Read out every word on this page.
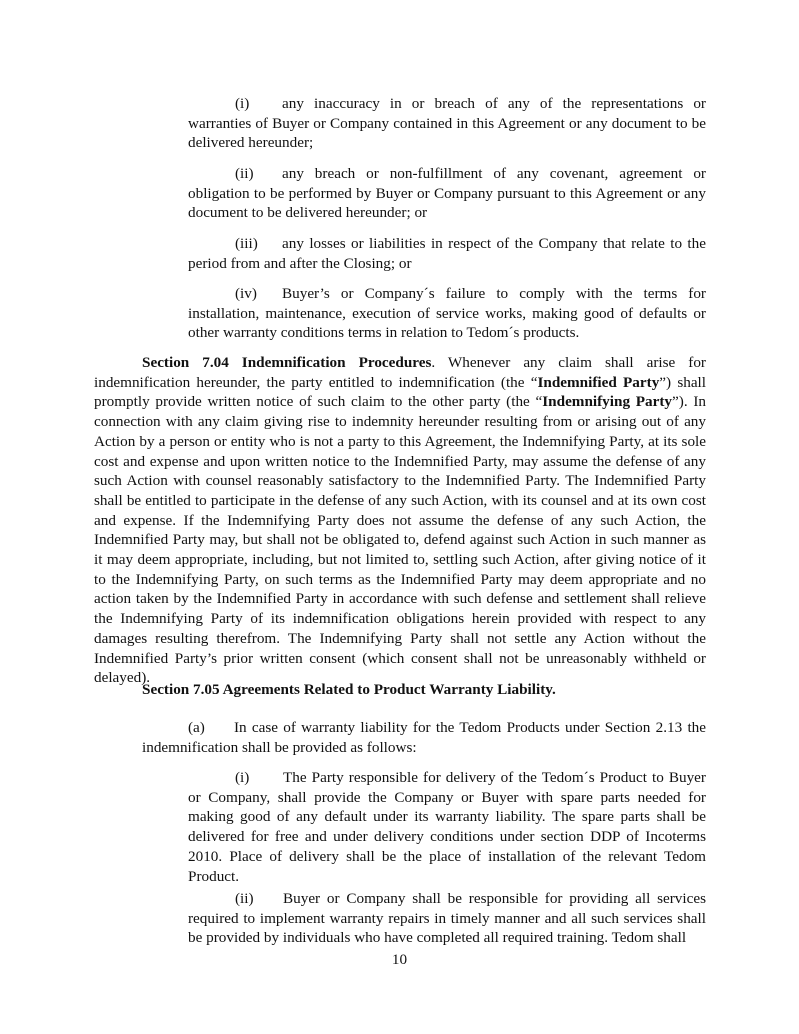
(i) any inaccuracy in or breach of any of the representations or warranties of Buyer or Company contained in this Agreement or any document to be delivered hereunder;

(ii) any breach or non-fulfillment of any covenant, agreement or obligation to be performed by Buyer or Company pursuant to this Agreement or any document to be delivered hereunder; or

(iii) any losses or liabilities in respect of the Company that relate to the period from and after the Closing; or

(iv) Buyer’s or Company´s failure to comply with the terms for installation, maintenance, execution of service works, making good of defaults or other warranty conditions terms in relation to Tedom´s products.

Section 7.04 Indemnification Procedures. Whenever any claim shall arise for indemnification hereunder, the party entitled to indemnification (the “Indemnified Party”) shall promptly provide written notice of such claim to the other party (the “Indemnifying Party”). In connection with any claim giving rise to indemnity hereunder resulting from or arising out of any Action by a person or entity who is not a party to this Agreement, the Indemnifying Party, at its sole cost and expense and upon written notice to the Indemnified Party, may assume the defense of any such Action with counsel reasonably satisfactory to the Indemnified Party. The Indemnified Party shall be entitled to participate in the defense of any such Action, with its counsel and at its own cost and expense. If the Indemnifying Party does not assume the defense of any such Action, the Indemnified Party may, but shall not be obligated to, defend against such Action in such manner as it may deem appropriate, including, but not limited to, settling such Action, after giving notice of it to the Indemnifying Party, on such terms as the Indemnified Party may deem appropriate and no action taken by the Indemnified Party in accordance with such defense and settlement shall relieve the Indemnifying Party of its indemnification obligations herein provided with respect to any damages resulting therefrom. The Indemnifying Party shall not settle any Action without the Indemnified Party’s prior written consent (which consent shall not be unreasonably withheld or delayed).

Section 7.05 Agreements Related to Product Warranty Liability.

(a) In case of warranty liability for the Tedom Products under Section 2.13 the indemnification shall be provided as follows:

(i) The Party responsible for delivery of the Tedom´s Product to Buyer or Company, shall provide the Company or Buyer with spare parts needed for making good of any default under its warranty liability. The spare parts shall be delivered for free and under delivery conditions under section DDP of Incoterms 2010. Place of delivery shall be the place of installation of the relevant Tedom Product.

(ii) Buyer or Company shall be responsible for providing all services required to implement warranty repairs in timely manner and all such services shall be provided by individuals who have completed all required training. Tedom shall

10
